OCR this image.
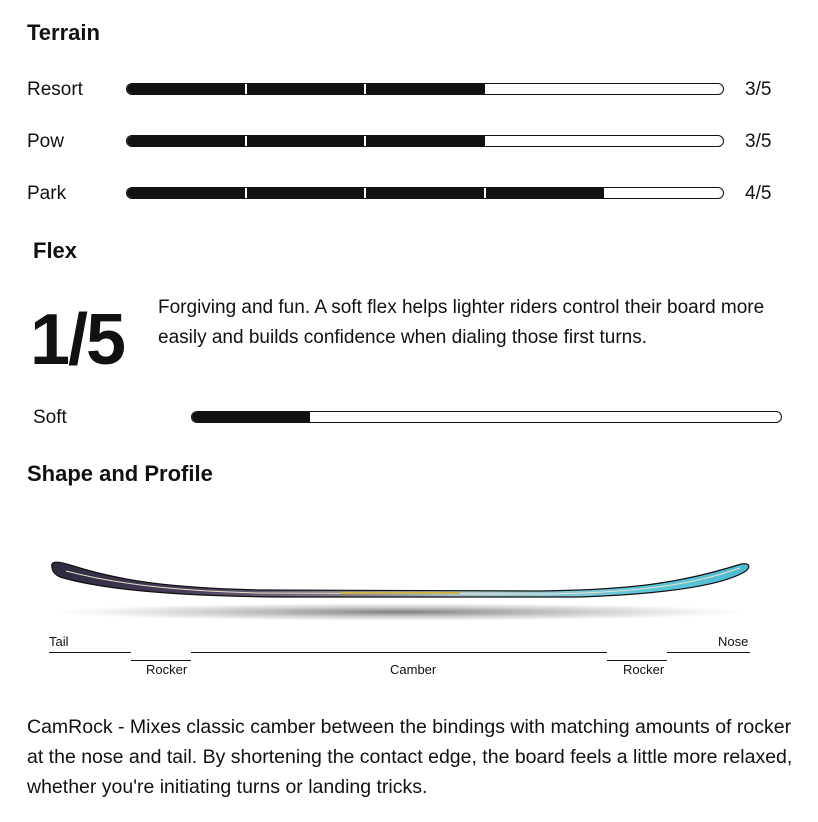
Terrain
Resort	3/5
Pow	3/5
Park	4/5
Flex
1/5 Forgiving and fun. A soft flex helps lighter riders control their board more easily and builds confidence when dialing those first turns.
Soft
Shape and Profile
Tail	Nose
Rocker	Camber	Rocker
CamRock - Mixes classic camber between the bindings with matching amounts of rocker at the nose and tail. By shortening the contact edge, the board feels a little more relaxed, whether you're initiating turns or landing tricks.
